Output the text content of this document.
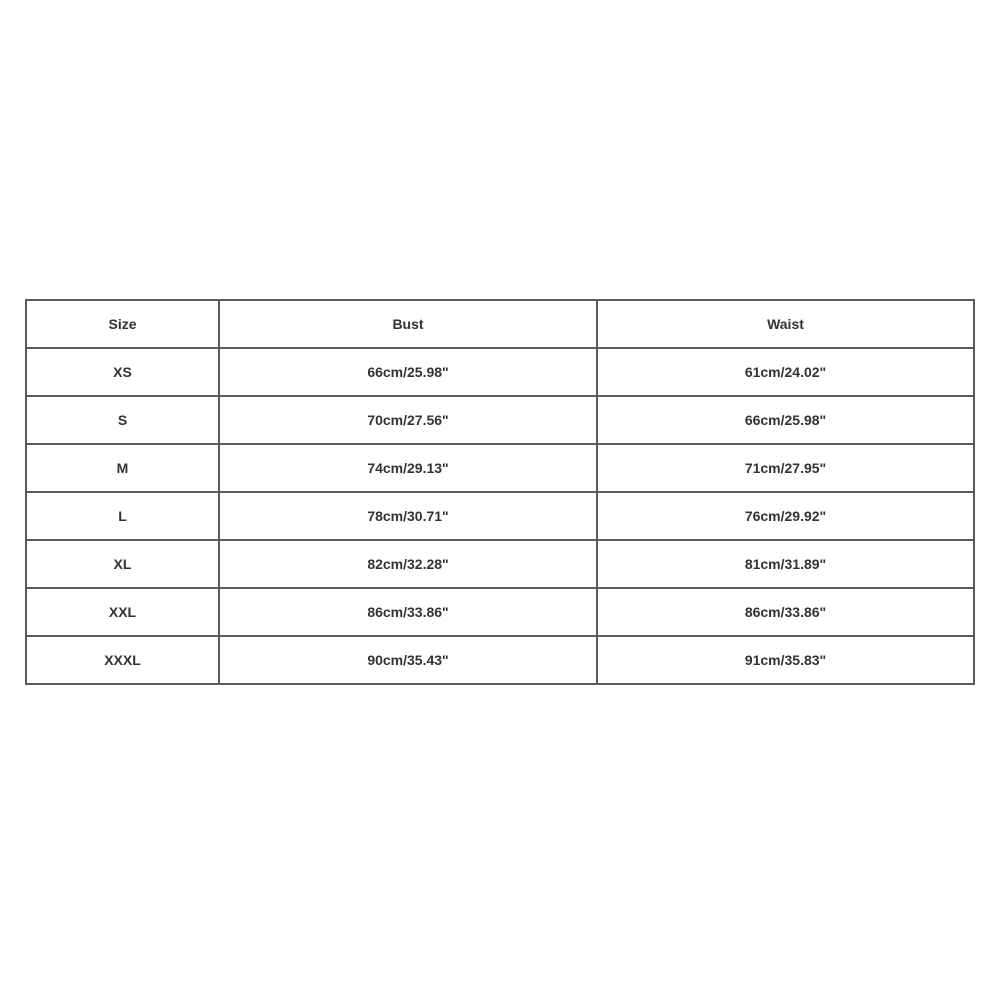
Size	Bust	Waist
XS	66cm/25.98"	61cm/24.02"
S	70cm/27.56"	66cm/25.98"
M	74cm/29.13"	71cm/27.95"
L	78cm/30.71"	76cm/29.92"
XL	82cm/32.28"	81cm/31.89"
XXL	86cm/33.86"	86cm/33.86"
XXXL	90cm/35.43"	91cm/35.83"
